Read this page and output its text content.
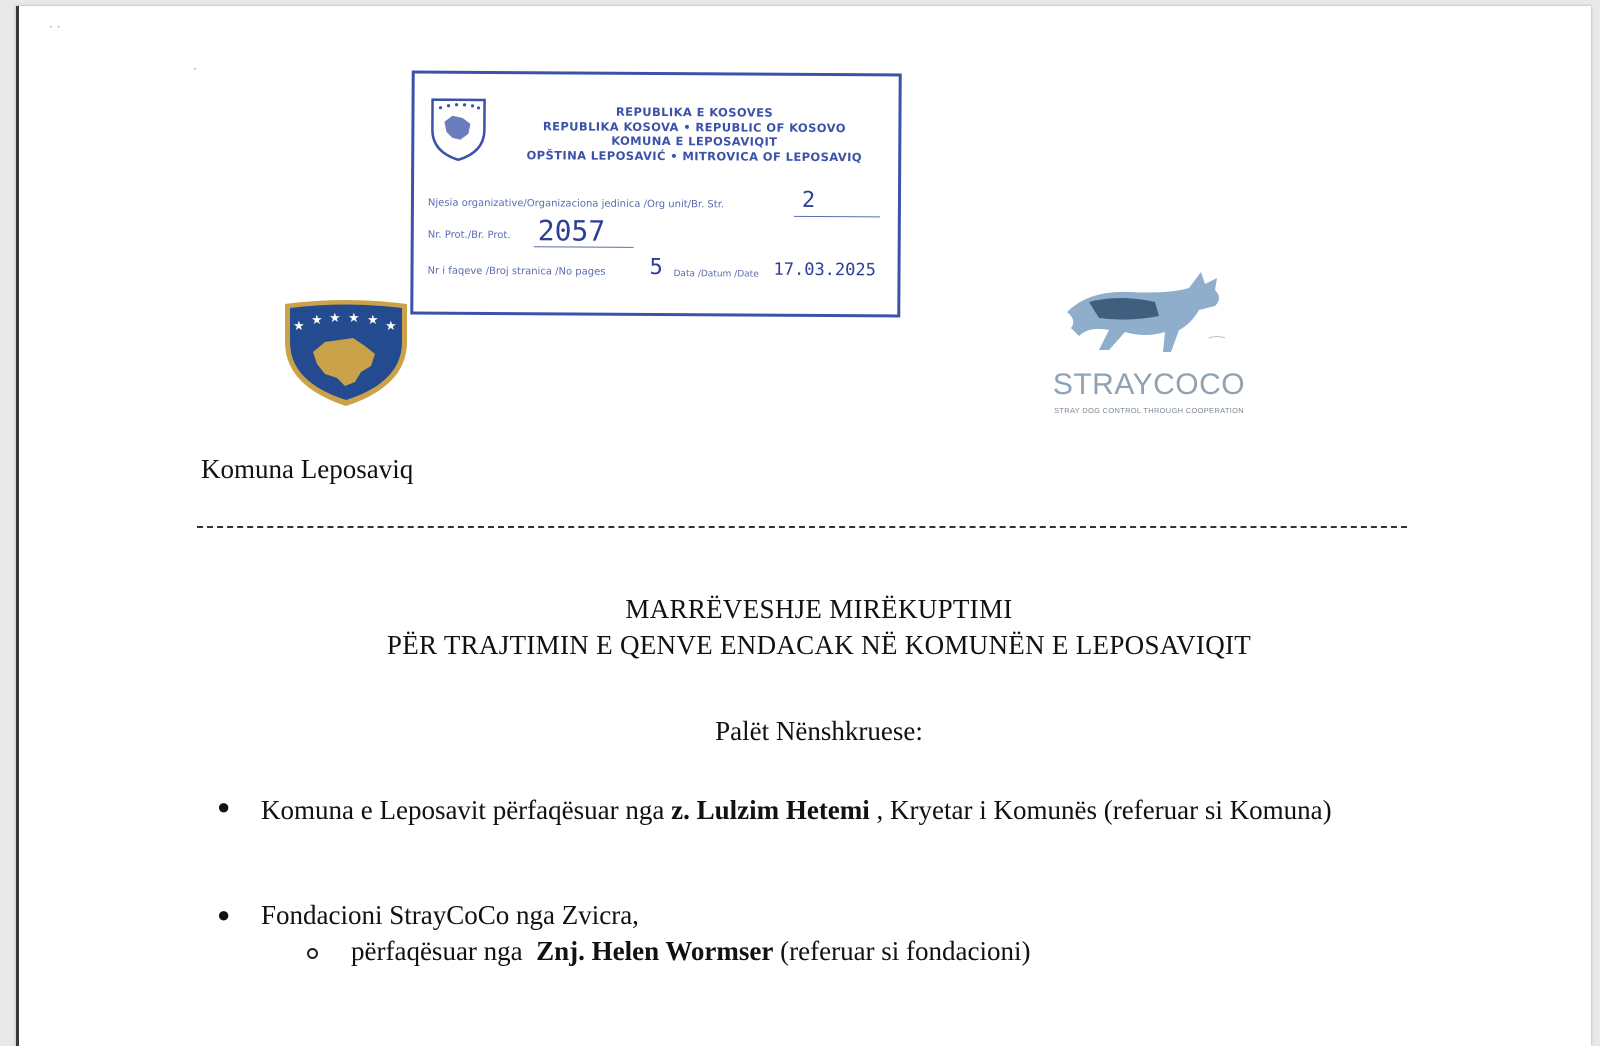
· ·
·
REPUBLIKA E KOSOVES
REPUBLIKA KOSOVA • REPUBLIC OF KOSOVO
KOMUNA E LEPOSAVIQIT
OPŠTINA LEPOSAVIĆ • MITROVICA OF LEPOSAVIQ
Njesia organizative/Organizaciona jedinica /Org unit/Br. Str.	2
Nr. Prot./Br. Prot. 2057
Nr i faqeve /Broj stranica /No pages 5 Data /Datum /Date 17.03.2025
★ ★ ★ ★ ★ ★
STRAYCOCO
STRAY DOG CONTROL THROUGH COOPERATION
Komuna Leposaviq
MARRËVESHJE MIRËKUPTIMI
PËR TRAJTIMIN E QENVE ENDACAK NË KOMUNËN E LEPOSAVIQIT
Palët Nënshkruese:
● Komuna e Leposavit përfaqësuar nga z. Lulzim Hetemi , Kryetar i Komunës (referuar si Komuna)
● Fondacioni StrayCoCo nga Zvicra,
përfaqësuar nga Znj. Helen Wormser (referuar si fondacioni)
